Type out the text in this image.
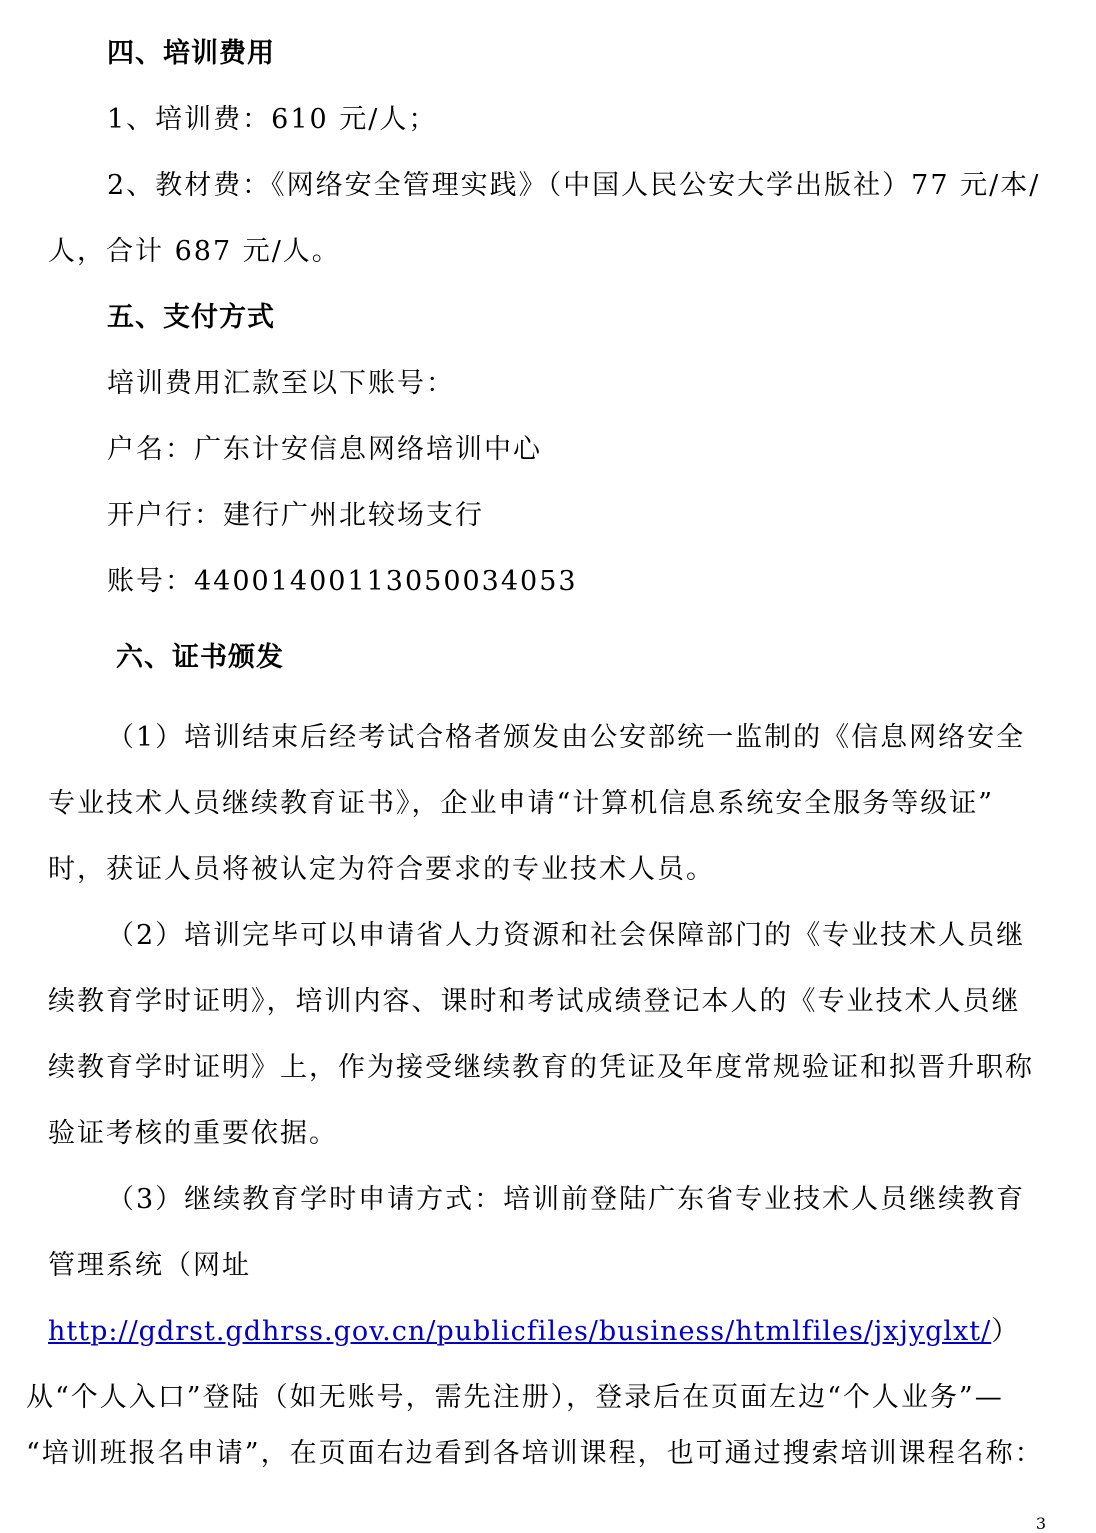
四、培训费用

1、培训费：610 元/人；

2、教材费：《网络安全管理实践》（中国人民公安大学出版社）77 元/本/

人，合计 687 元/人。

五、支付方式

培训费用汇款至以下账号：

户名：广东计安信息网络培训中心

开户行：建行广州北较场支行

账号：44001400113050034053

六、证书颁发

（1）培训结束后经考试合格者颁发由公安部统一监制的《信息网络安全

专业技术人员继续教育证书》，企业申请“计算机信息系统安全服务等级证”

时，获证人员将被认定为符合要求的专业技术人员。

（2）培训完毕可以申请省人力资源和社会保障部门的《专业技术人员继

续教育学时证明》，培训内容、课时和考试成绩登记本人的《专业技术人员继

续教育学时证明》上，作为接受继续教育的凭证及年度常规验证和拟晋升职称

验证考核的重要依据。

（3）继续教育学时申请方式：培训前登陆广东省专业技术人员继续教育

管理系统（网址

http://gdrst.gdhrss.gov.cn/publicfiles/business/htmlfiles/jxjyglxt/）

从“个人入口”登陆（如无账号，需先注册），登录后在页面左边“个人业务”—

“培训班报名申请”，在页面右边看到各培训课程，也可通过搜索培训课程名称：

3
